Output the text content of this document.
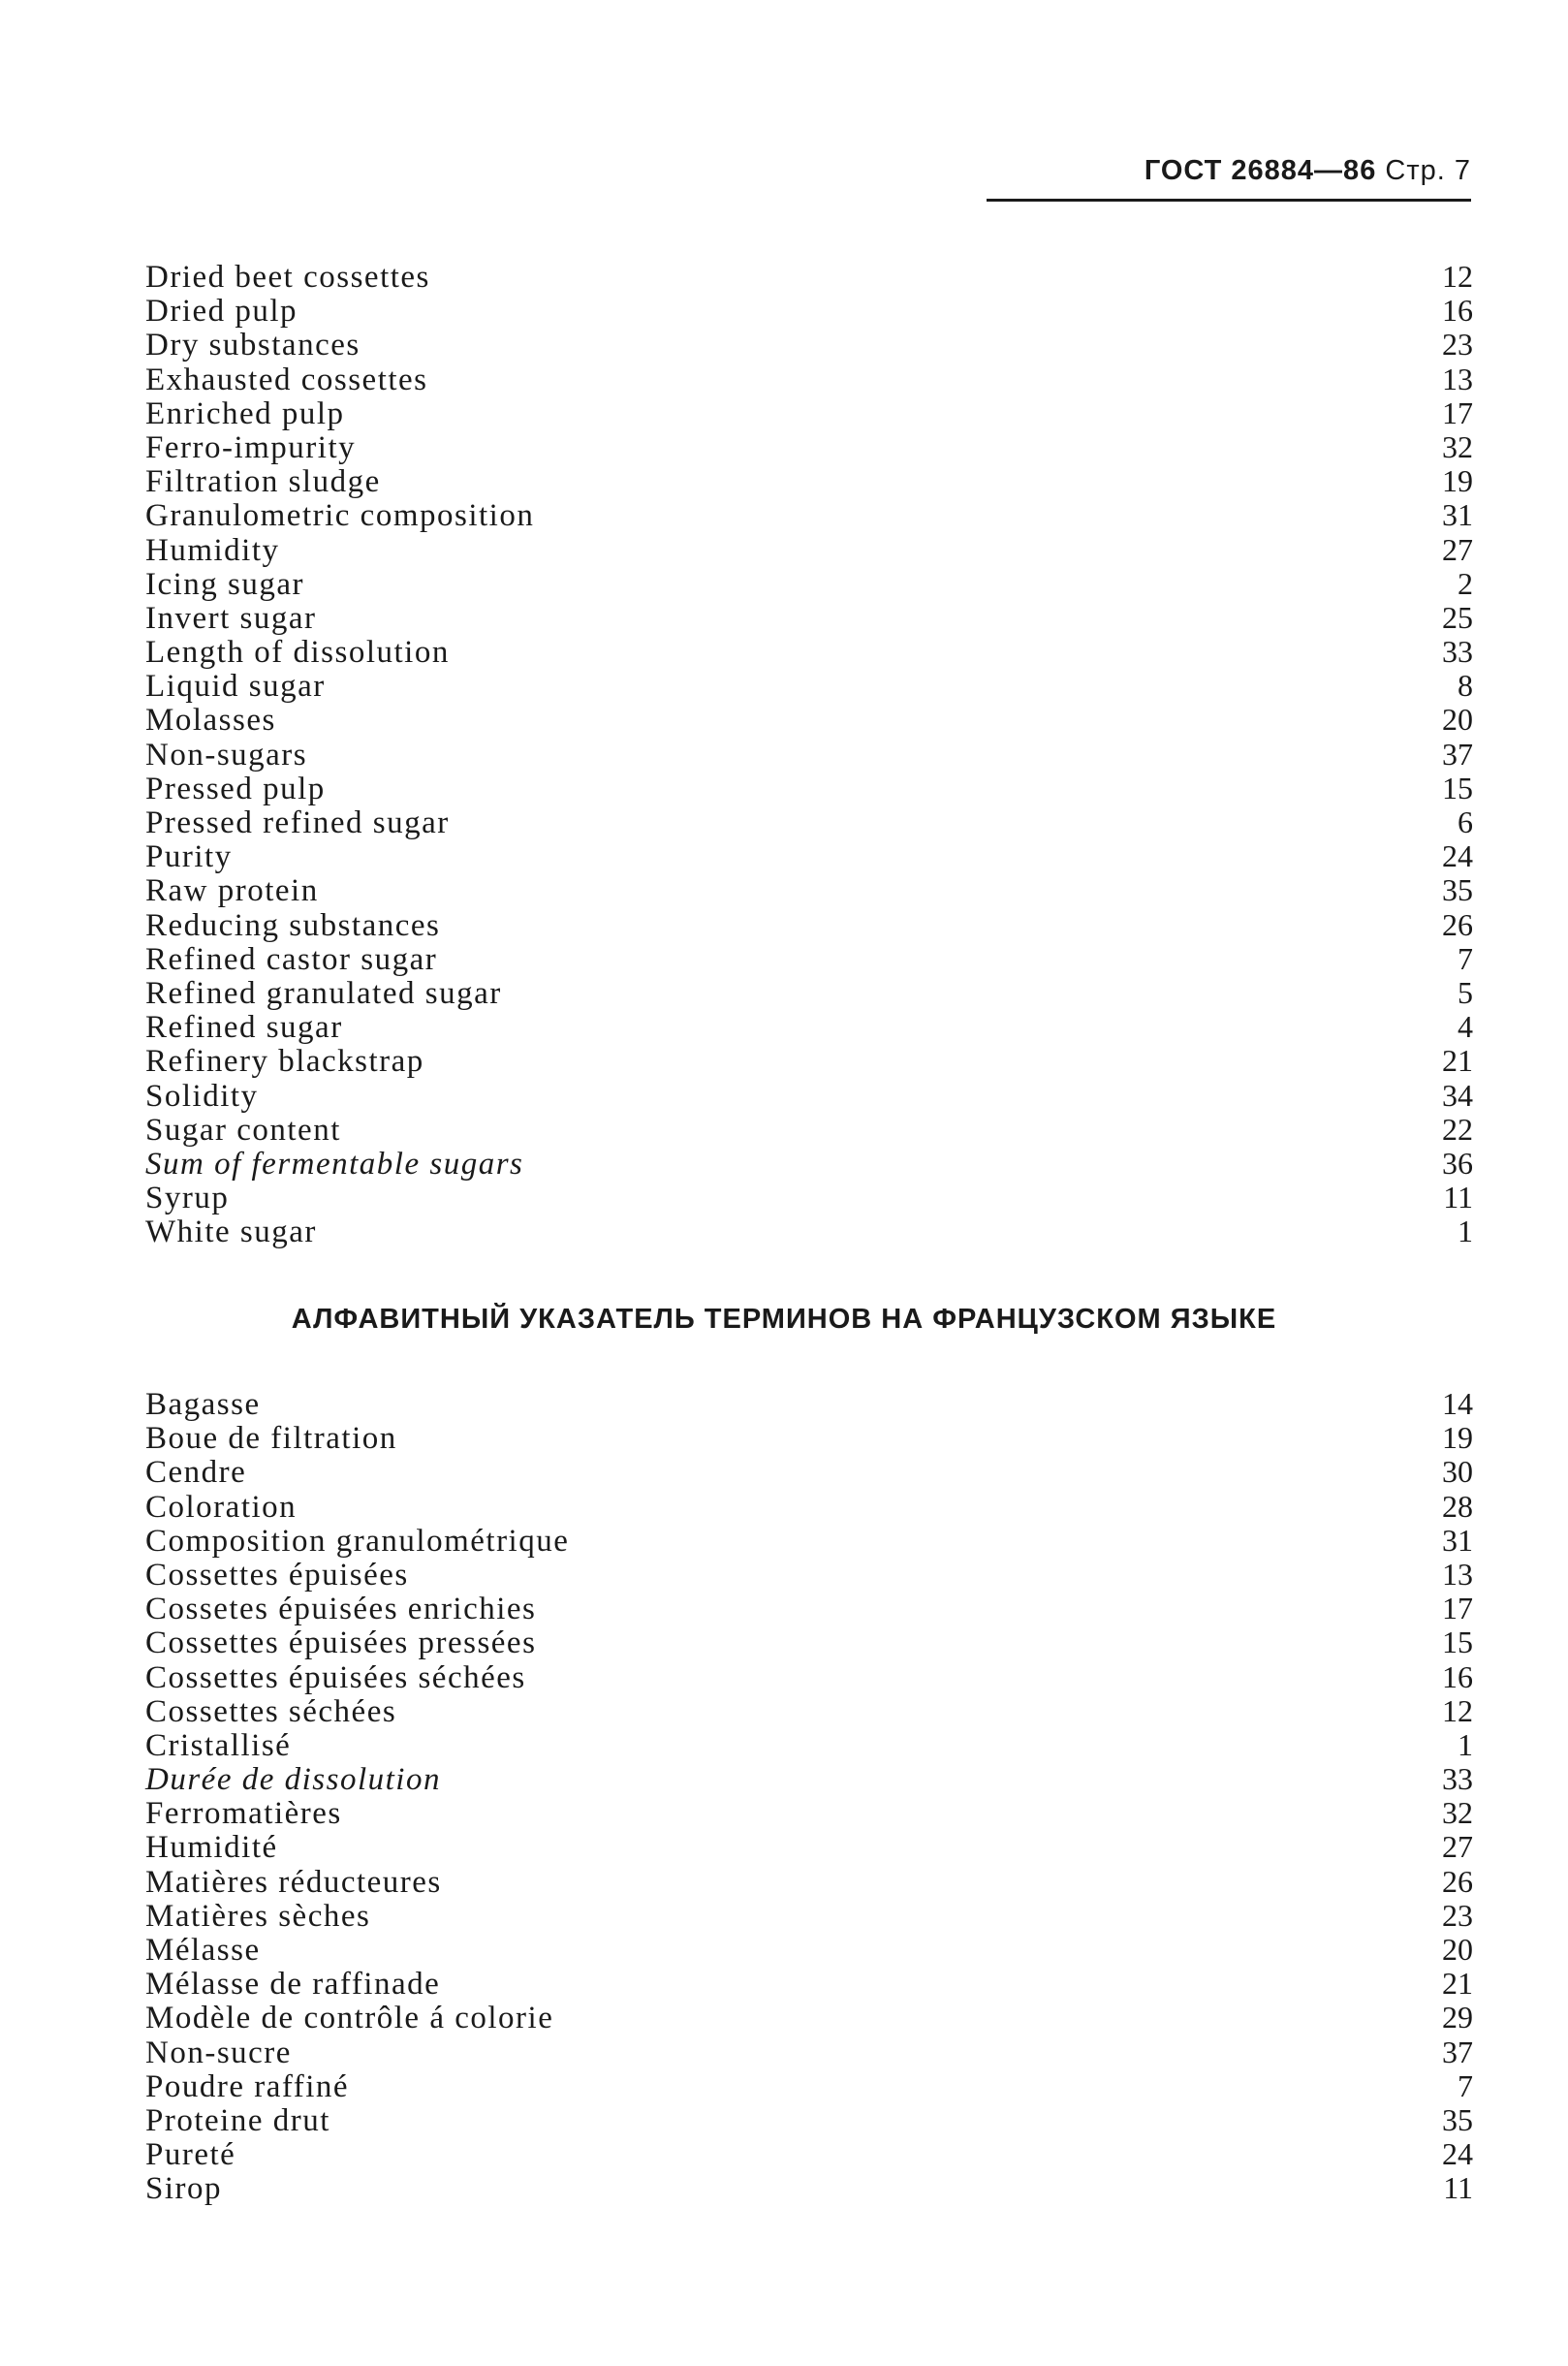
ГОСТ 26884—86 Стр. 7
Dried beet cossettes	12
Dried pulp	16
Dry substances	23
Exhausted cossettes	13
Enriched pulp	17
Ferro-impurity	32
Filtration sludge	19
Granulometric composition	31
Humidity	27
Icing sugar	2
Invert sugar	25
Length of dissolution	33
Liquid sugar	8
Molasses	20
Non-sugars	37
Pressed pulp	15
Pressed refined sugar	6
Purity	24
Raw protein	35
Reducing substances	26
Refined castor sugar	7
Refined granulated sugar	5
Refined sugar	4
Refinery blackstrap	21
Solidity	34
Sugar content	22
Sum of fermentable sugars	36
Syrup	11
White sugar	1
АЛФАВИТНЫЙ УКАЗАТЕЛЬ ТЕРМИНОВ НА ФРАНЦУЗСКОМ ЯЗЫКЕ
Bagasse	14
Boue de filtration	19
Cendre	30
Coloration	28
Composition granulométrique	31
Cossettes épuisées	13
Cossetes épuisées enrichies	17
Cossettes épuisées pressées	15
Cossettes épuisées séchées	16
Cossettes séchées	12
Cristallisé	1
Durée de dissolution	33
Ferromatières	32
Humidité	27
Matières réducteures	26
Matières sèches	23
Mélasse	20
Mélasse de raffinade	21
Modèle de contrôle á colorie	29
Non-sucre	37
Poudre raffiné	7
Proteine drut	35
Pureté	24
Sirop	11
